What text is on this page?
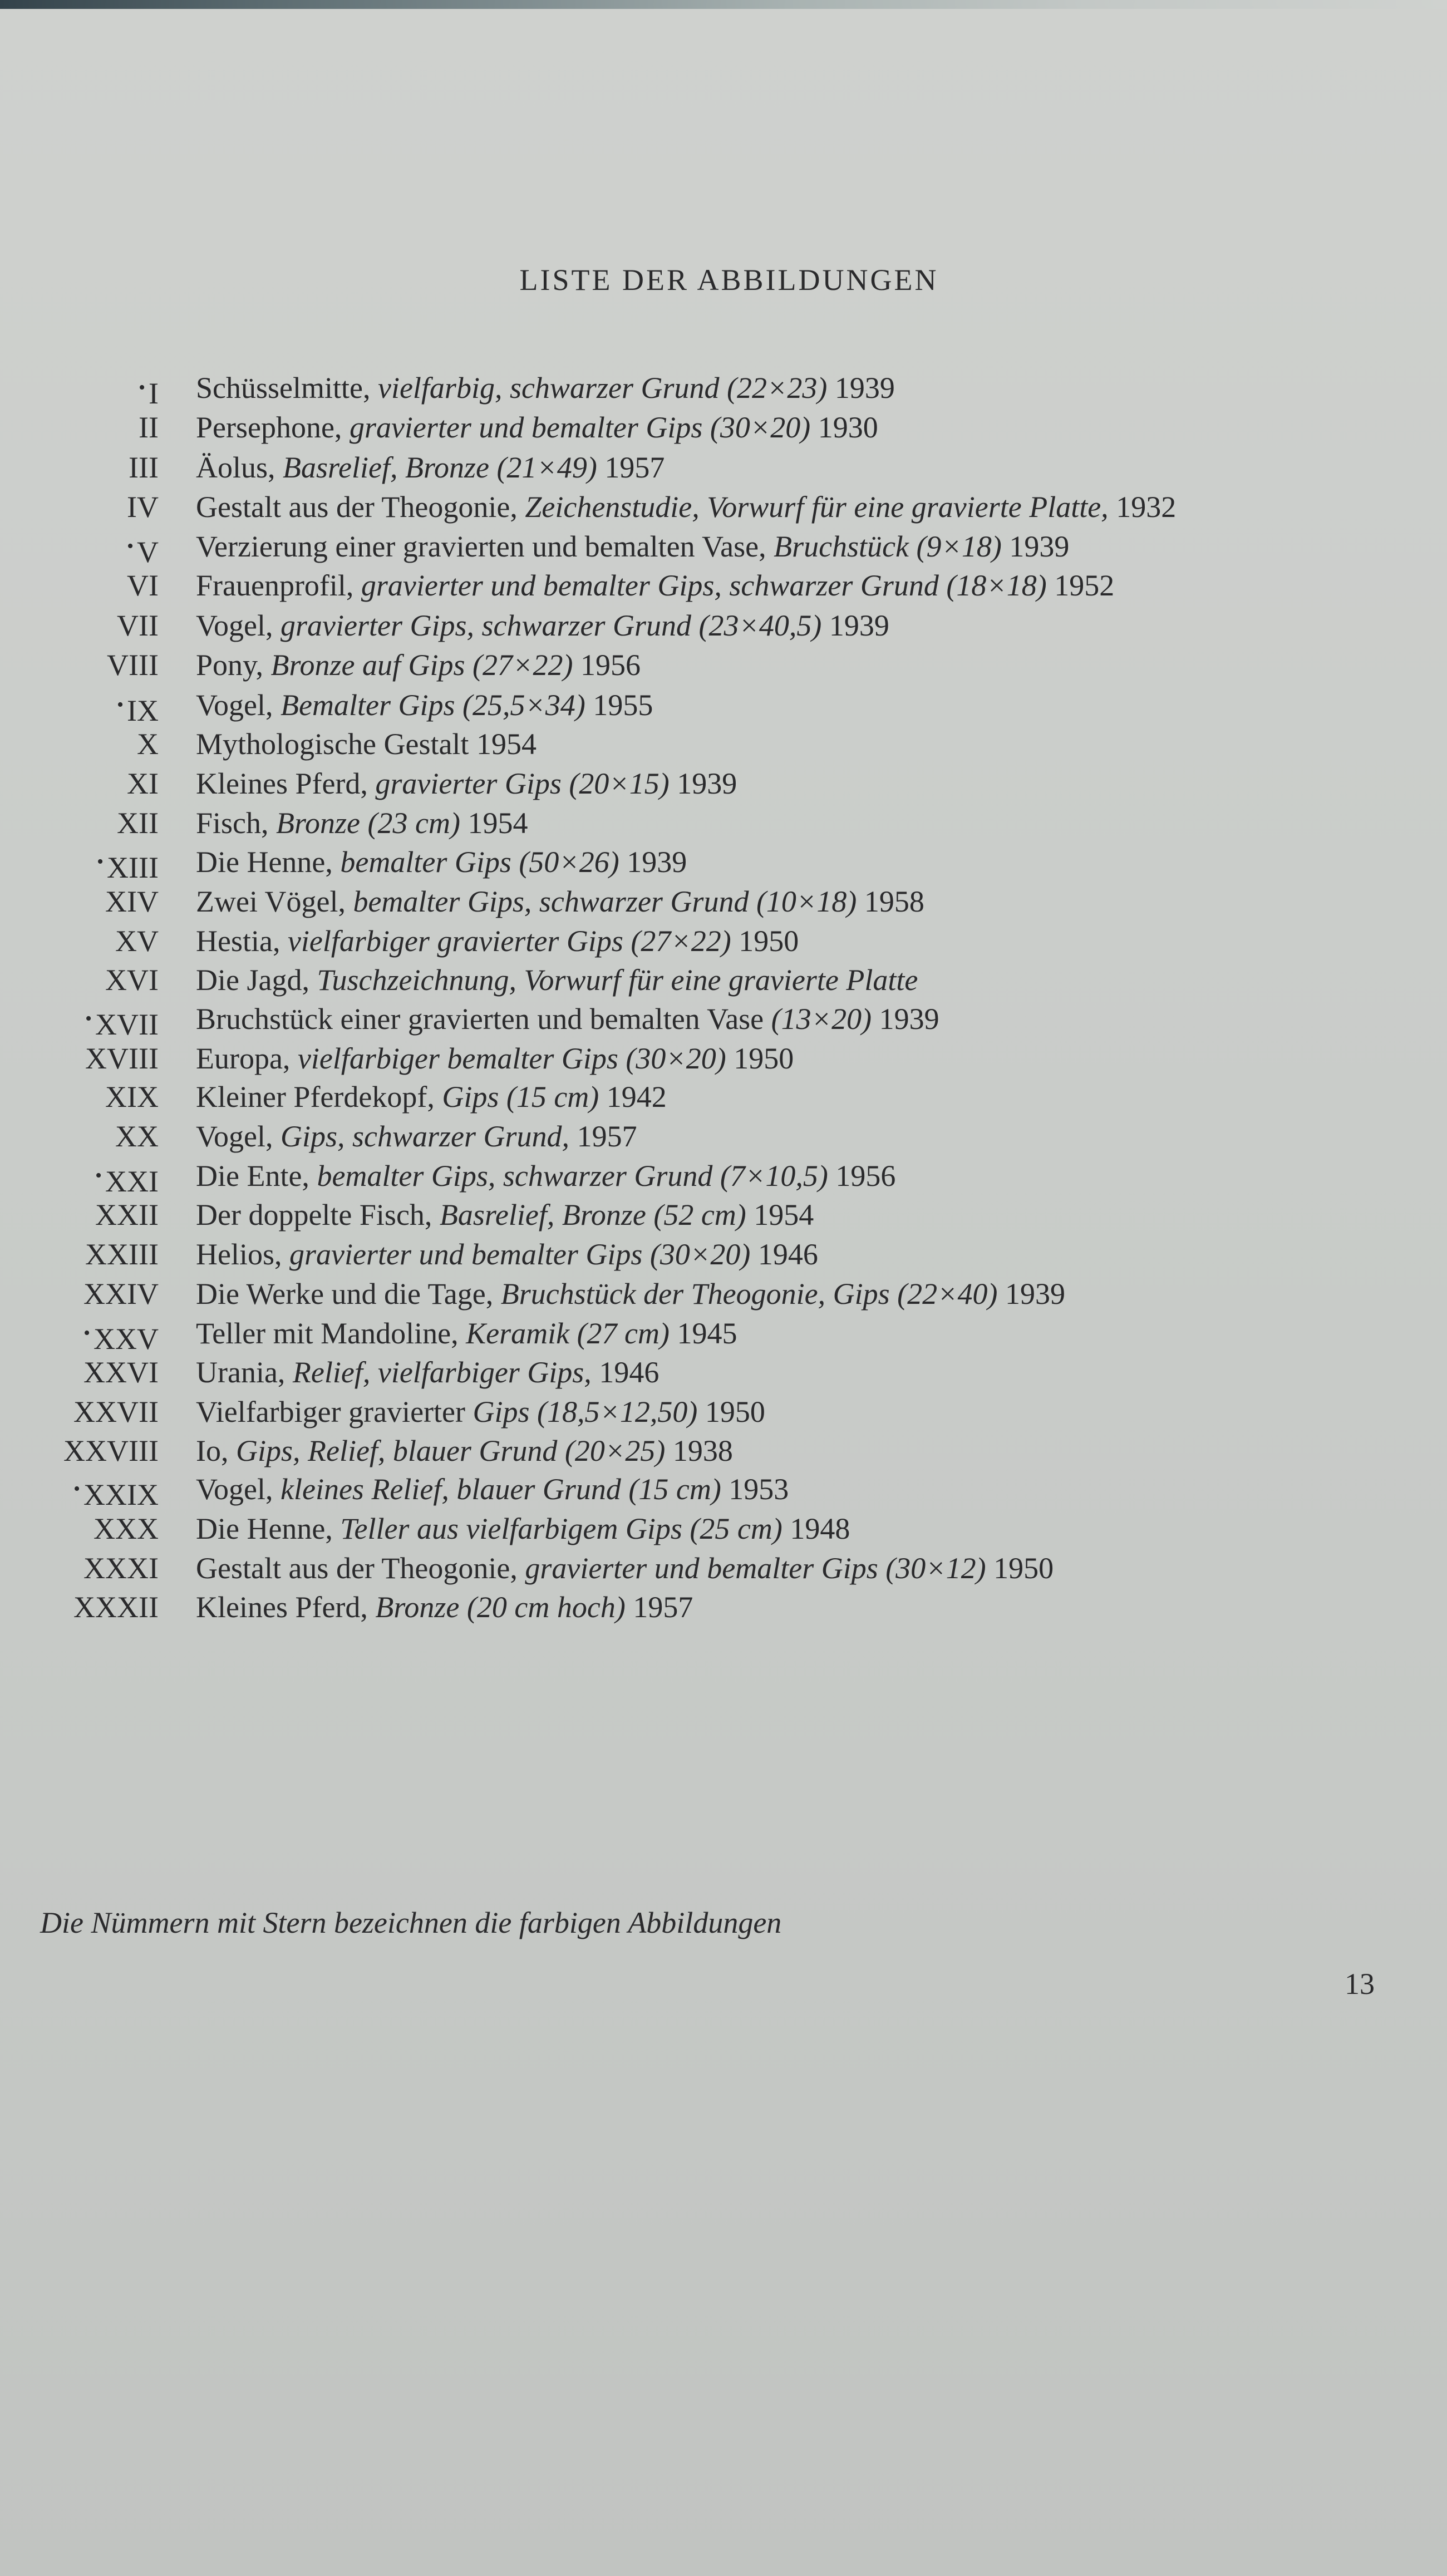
LISTE DER ABBILDUNGEN
• I Schüsselmitte, vielfarbig, schwarzer Grund (22×23) 1939
II Persephone, gravierter und bemalter Gips (30×20) 1930
III Äolus, Basrelief, Bronze (21×49) 1957
IV Gestalt aus der Theogonie, Zeichenstudie, Vorwurf für eine gravierte Platte, 1932
• V Verzierung einer gravierten und bemalten Vase, Bruchstück (9×18) 1939
VI Frauenprofil, gravierter und bemalter Gips, schwarzer Grund (18×18) 1952
VII Vogel, gravierter Gips, schwarzer Grund (23×40,5) 1939
VIII Pony, Bronze auf Gips (27×22) 1956
• IX Vogel, Bemalter Gips (25,5×34) 1955
X Mythologische Gestalt 1954
XI Kleines Pferd, gravierter Gips (20×15) 1939
XII Fisch, Bronze (23 cm) 1954
• XIII Die Henne, bemalter Gips (50×26) 1939
XIV Zwei Vögel, bemalter Gips, schwarzer Grund (10×18) 1958
XV Hestia, vielfarbiger gravierter Gips (27×22) 1950
XVI Die Jagd, Tuschzeichnung, Vorwurf für eine gravierte Platte
• XVII Bruchstück einer gravierten und bemalten Vase (13×20) 1939
XVIII Europa, vielfarbiger bemalter Gips (30×20) 1950
XIX Kleiner Pferdekopf, Gips (15 cm) 1942
XX Vogel, Gips, schwarzer Grund, 1957
• XXI Die Ente, bemalter Gips, schwarzer Grund (7×10,5) 1956
XXII Der doppelte Fisch, Basrelief, Bronze (52 cm) 1954
XXIII Helios, gravierter und bemalter Gips (30×20) 1946
XXIV Die Werke und die Tage, Bruchstück der Theogonie, Gips (22×40) 1939
• XXV Teller mit Mandoline, Keramik (27 cm) 1945
XXVI Urania, Relief, vielfarbiger Gips, 1946
XXVII Vielfarbiger gravierter Gips (18,5×12,50) 1950
XXVIII Io, Gips, Relief, blauer Grund (20×25) 1938
• XXIX Vogel, kleines Relief, blauer Grund (15 cm) 1953
XXX Die Henne, Teller aus vielfarbigem Gips (25 cm) 1948
XXXI Gestalt aus der Theogonie, gravierter und bemalter Gips (30×12) 1950
XXXII Kleines Pferd, Bronze (20 cm hoch) 1957
Die Nümmern mit Stern bezeichnen die farbigen Abbildungen
13
